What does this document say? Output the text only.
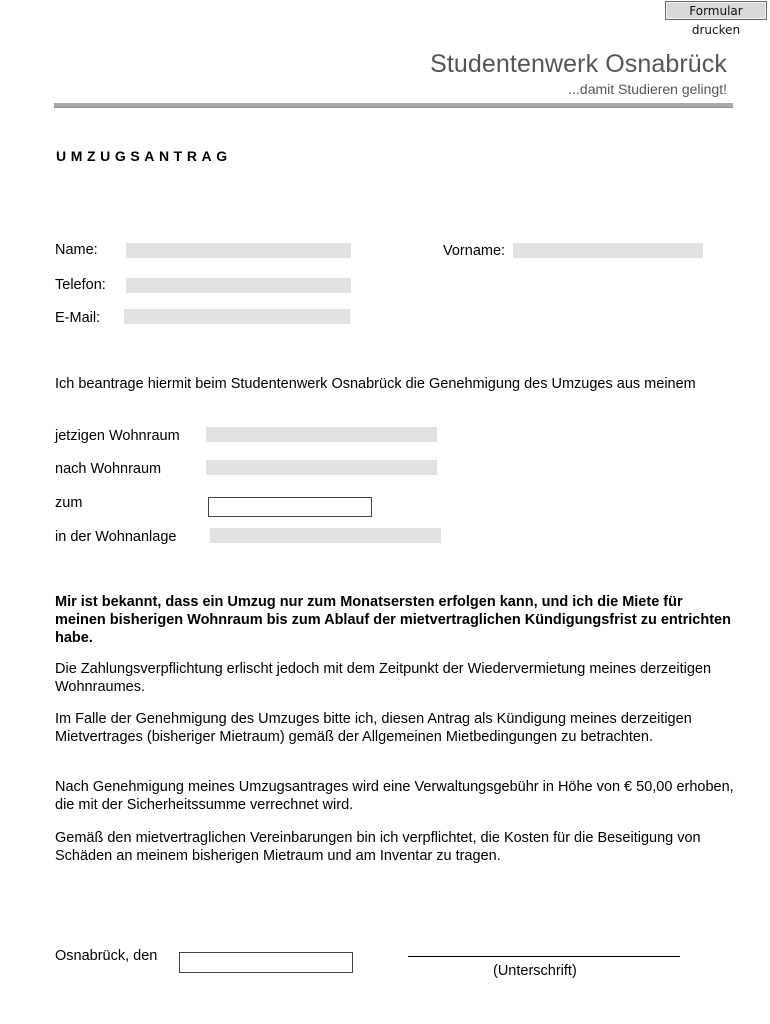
Formular drucken
Studentenwerk Osnabrück
...damit Studieren gelingt!
UMZUGSANTRAG
Name:	Vorname:
Telefon:
E-Mail:
Ich beantrage hiermit beim Studentenwerk Osnabrück die Genehmigung des Umzuges aus meinem
jetzigen Wohnraum
nach Wohnraum
zum
in der Wohnanlage
Mir ist bekannt, dass ein Umzug nur zum Monatsersten erfolgen kann, und ich die Miete für meinen bisherigen Wohnraum bis zum Ablauf der mietvertraglichen Kündigungsfrist zu entrichten habe.
Die Zahlungsverpflichtung erlischt jedoch mit dem Zeitpunkt der Wiedervermietung meines derzeitigen Wohnraumes.
Im Falle der Genehmigung des Umzuges bitte ich, diesen Antrag als Kündigung meines derzeitigen Mietvertrages (bisheriger Mietraum) gemäß der Allgemeinen Mietbedingungen zu betrachten.
Nach Genehmigung meines Umzugsantrages wird eine Verwaltungsgebühr in Höhe von € 50,00 erhoben, die mit der Sicherheitssumme verrechnet wird.
Gemäß den mietvertraglichen Vereinbarungen bin ich verpflichtet, die Kosten für die Beseitigung von Schäden an meinem bisherigen Mietraum und am Inventar zu tragen.
Osnabrück, den
(Unterschrift)
